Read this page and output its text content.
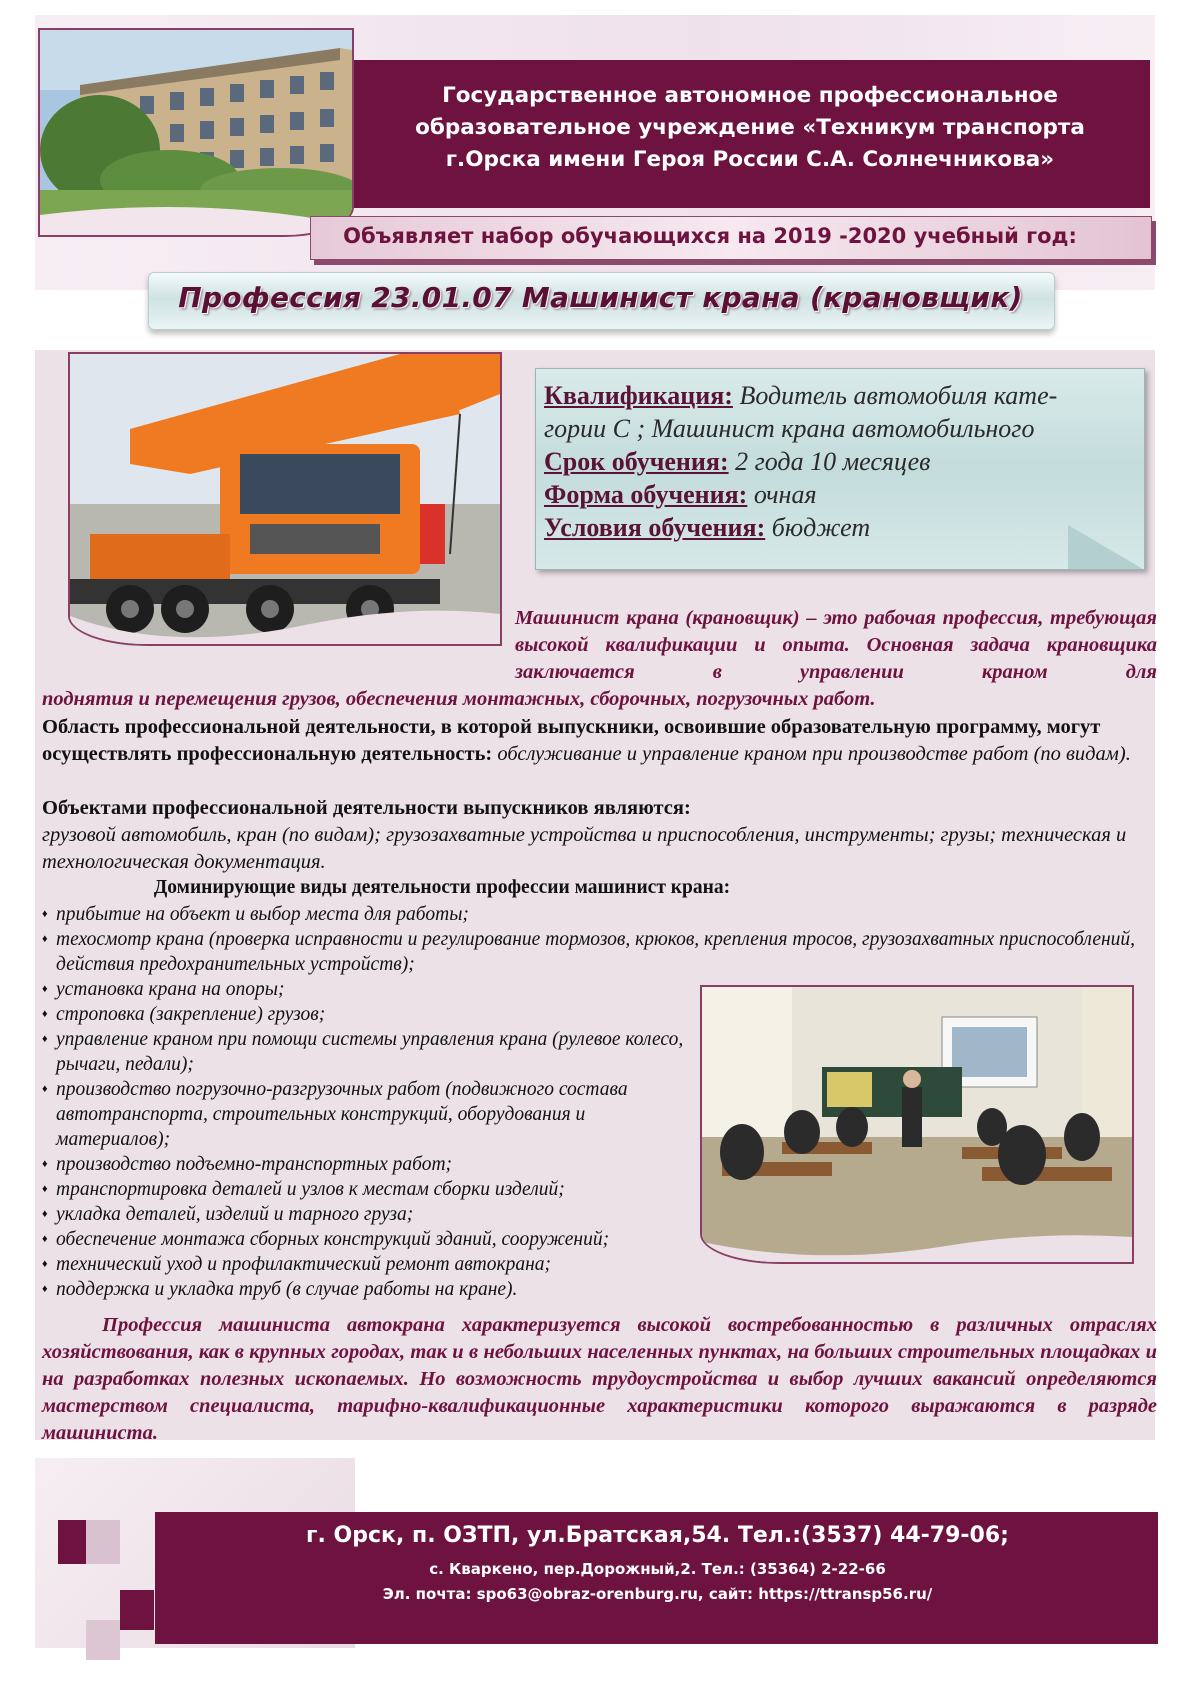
Государственное автономное профессиональное
образовательное учреждение «Техникум транспорта
г.Орска имени Героя России С.А. Солнечникова»
Объявляет набор обучающихся на 2019 -2020 учебный год:
Профессия 23.01.07 Машинист крана (крановщик)
Квалификация: Водитель автомобиля кате-
гории С ; Машинист крана автомобильного
Срок обучения: 2 года 10 месяцев
Форма обучения: очная
Условия обучения: бюджет
Машинист крана (крановщик) – это рабочая профессия, требующая высокой квалификации и опыта. Основная задача крановщика заключается в управлении краном для
поднятия и перемещения грузов, обеспечения монтажных, сборочных, погрузочных работ.
Область профессиональной деятельности, в которой выпускники, освоившие образовательную программу, могут осуществлять профессиональную деятельность: обслуживание и управление краном при производстве работ (по видам).
Объектами профессиональной деятельности выпускников являются:
грузовой автомобиль, кран (по видам); грузозахватные устройства и приспособления, инструменты; грузы; техническая и технологическая документация.
Доминирующие виды деятельности профессии машинист крана:
♦ прибытие на объект и выбор места для работы;
♦ техосмотр крана (проверка исправности и регулирование тормозов, крюков, крепления тросов, грузозахватных приспособлений, действия предохранительных устройств);
♦ установка крана на опоры;
♦ строповка (закрепление) грузов;
♦ управление краном при помощи системы управления крана (рулевое колесо, рычаги, педали);
♦ производство погрузочно-разгрузочных работ (подвижного состава автотранспорта, строительных конструкций, оборудования и материалов);
♦ производство подъемно-транспортных работ;
♦ транспортировка деталей и узлов к местам сборки изделий;
♦ укладка деталей, изделий и тарного груза;
♦ обеспечение монтажа сборных конструкций зданий, сооружений;
♦ технический уход и профилактический ремонт автокрана;
♦ поддержка и укладка труб (в случае работы на кране).
Профессия машиниста автокрана характеризуется высокой востребованностью в различных отраслях хозяйствования, как в крупных городах, так и в небольших населенных пунктах, на больших строительных площадках и на разработках полезных ископаемых. Но возможность трудоустройства и выбор лучших вакансий определяются мастерством специалиста, тарифно-квалификационные характеристики которого выражаются в разряде машиниста.
г. Орск, п. ОЗТП, ул.Братская,54. Тел.:(3537) 44-79-06;
с. Кваркено, пер.Дорожный,2. Тел.: (35364) 2-22-66
Эл. почта: spo63@obraz-orenburg.ru, сайт: https://ttransp56.ru/
